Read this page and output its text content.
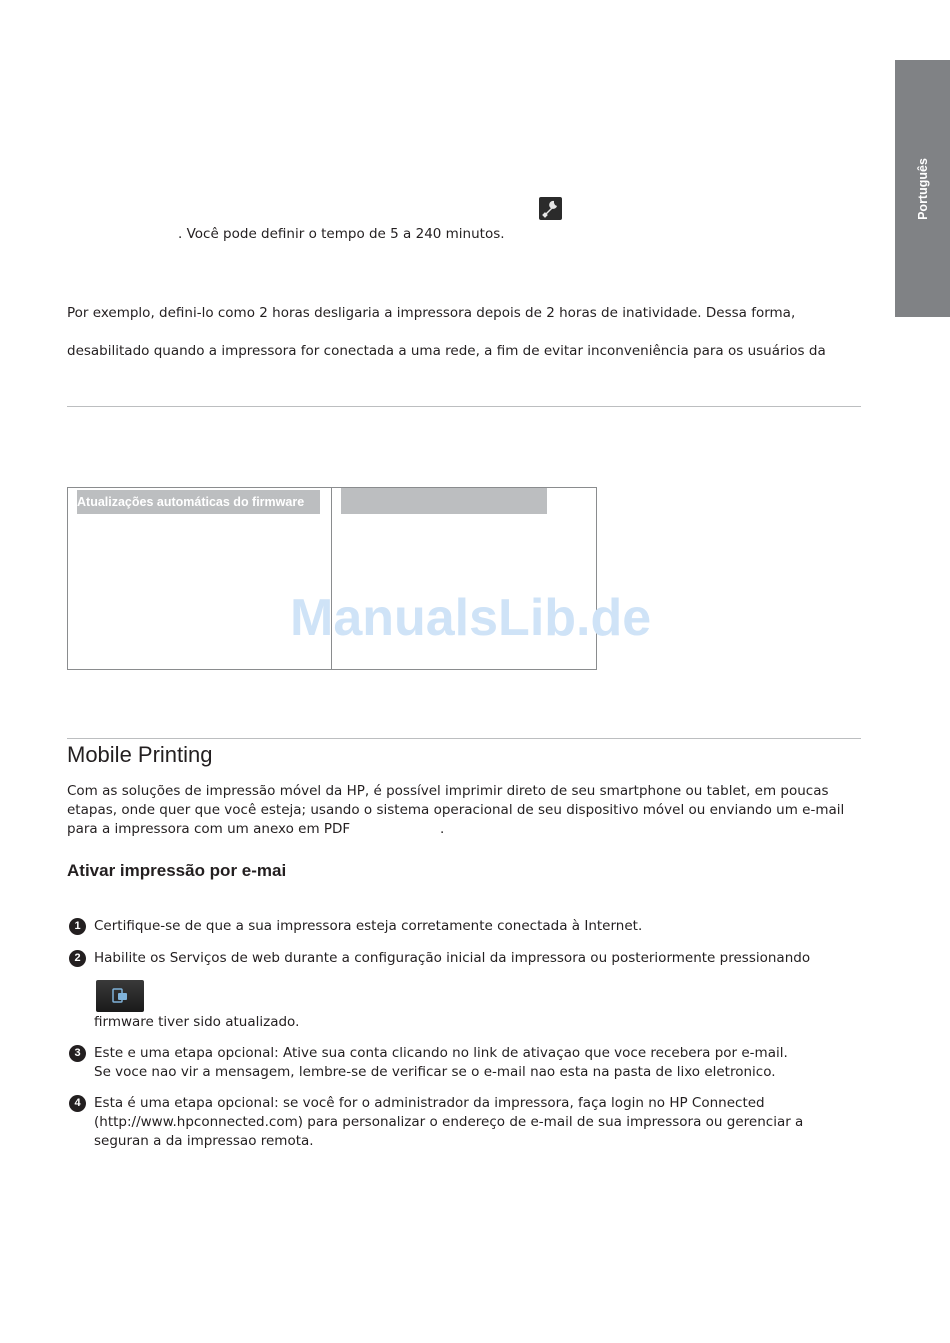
Português
. Você pode definir o tempo de 5 a 240 minutos.
Por exemplo, defini-lo como 2 horas desligaria a impressora depois de 2 horas de inatividade. Dessa forma,
desabilitado quando a impressora for conectada a uma rede, a fim de evitar inconveniência para os usuários da
Atualizações automáticas do firmware
ManualsLib.de
Mobile Printing
Com as soluções de impressão móvel da HP, é possível imprimir direto de seu smartphone ou tablet, em poucas
etapas, onde quer que você esteja; usando o sistema operacional de seu dispositivo móvel ou enviando um e-mail
para a impressora com um anexo em PDF	.
Ativar impressão por e-mai
1 Certifique-se de que a sua impressora esteja corretamente conectada à Internet.
2 Habilite os Serviços de web durante a configuração inicial da impressora ou posteriormente pressionando
firmware tiver sido atualizado.
3 Este e uma etapa opcional: Ative sua conta clicando no link de ativaçao que voce recebera por e-mail.
Se voce nao vir a mensagem, lembre-se de verificar se o e-mail nao esta na pasta de lixo eletronico.
4 Esta é uma etapa opcional: se você for o administrador da impressora, faça login no HP Connected
(http://www.hpconnected.com) para personalizar o endereço de e-mail de sua impressora ou gerenciar a
seguran a da impressao remota.
